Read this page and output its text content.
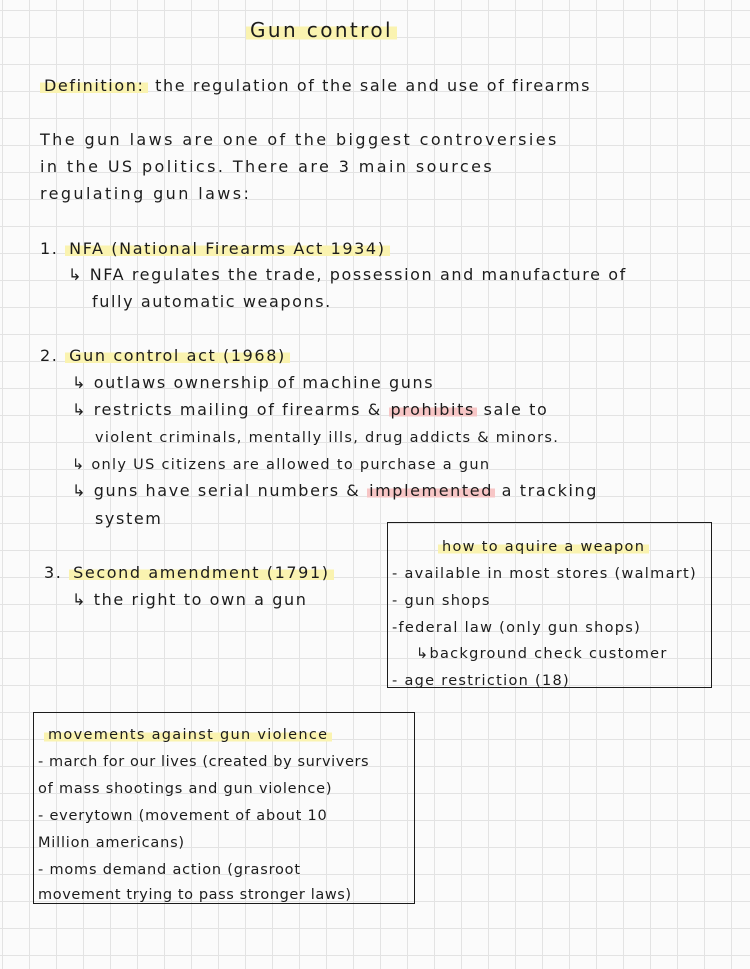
Gun control
Definition: the regulation of the sale and use of firearms
The gun laws are one of the biggest controversies
in the US politics. There are 3 main sources
regulating gun laws:
1. NFA (National Firearms Act 1934)
↳ NFA regulates the trade, possession and manufacture of
fully automatic weapons.
2. Gun control act (1968)
↳ outlaws ownership of machine guns
↳ restricts mailing of firearms & prohibits sale to
violent criminals, mentally ills, drug addicts & minors.
↳ only US citizens are allowed to purchase a gun
↳ guns have serial numbers & implemented a tracking
system
3. Second amendment (1791)
↳ the right to own a gun
how to aquire a weapon
- available in most stores (walmart)
- gun shops
-federal law (only gun shops)
↳background check customer
- age restriction (18)
movements against gun violence
- march for our lives (created by survivers
of mass shootings and gun violence)
- everytown (movement of about 10
Million americans)
- moms demand action (grasroot
movement trying to pass stronger laws)
